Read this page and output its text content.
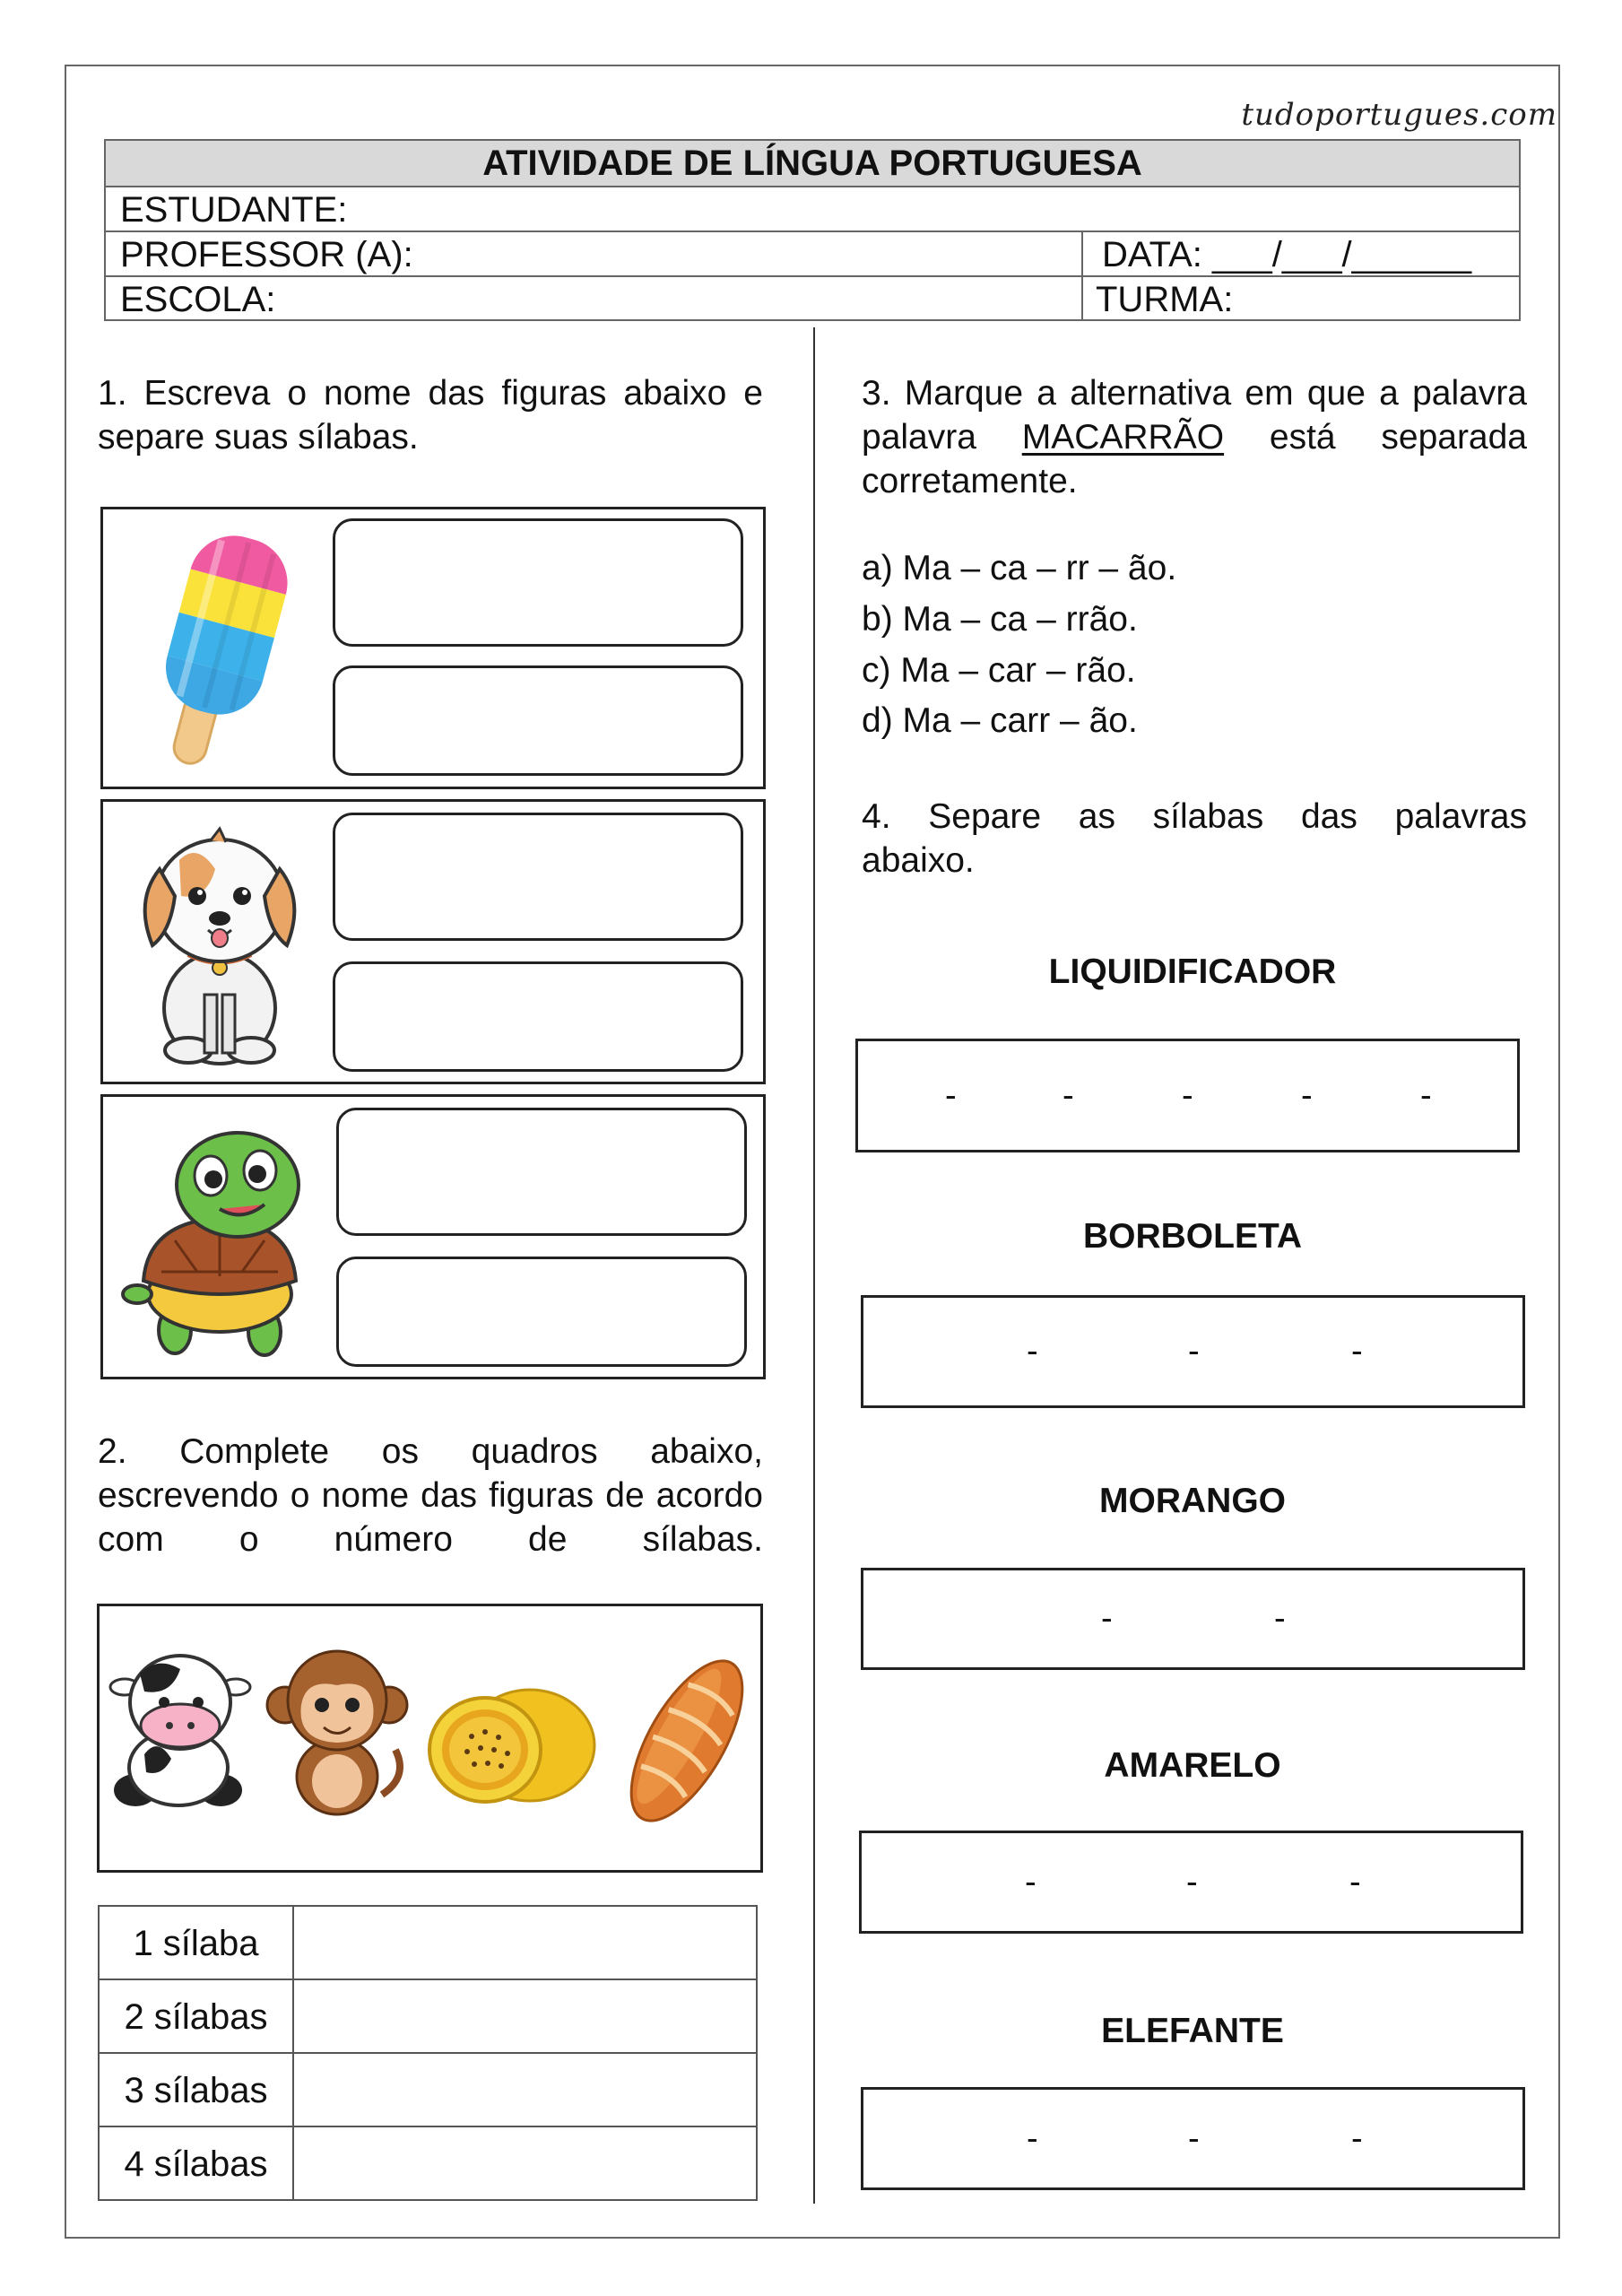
tudoportugues.com
ATIVIDADE DE LÍNGUA PORTUGUESA
ESTUDANTE:
PROFESSOR (A):	DATA: ___/___/______
ESCOLA:	TURMA:
1. Escreva o nome das figuras abaixo e separe suas sílabas.
2. Complete os quadros abaixo, escrevendo o nome das figuras de acordo com o número de sílabas.
1 sílaba
2 sílabas
3 sílabas
4 sílabas
3. Marque a alternativa em que a palavra
palavra MACARRÃO está separada
corretamente.
a) Ma – ca – rr – ão.
b) Ma – ca – rrão.
c) Ma – car – rão.
d) Ma – carr – ão.
4. Separe as sílabas das palavras
abaixo.
LIQUIDIFICADOR
-	-	-	-	-
BORBOLETA
-	-	-
MORANGO
-	-
AMARELO
-	-	-
ELEFANTE
-	-	-
